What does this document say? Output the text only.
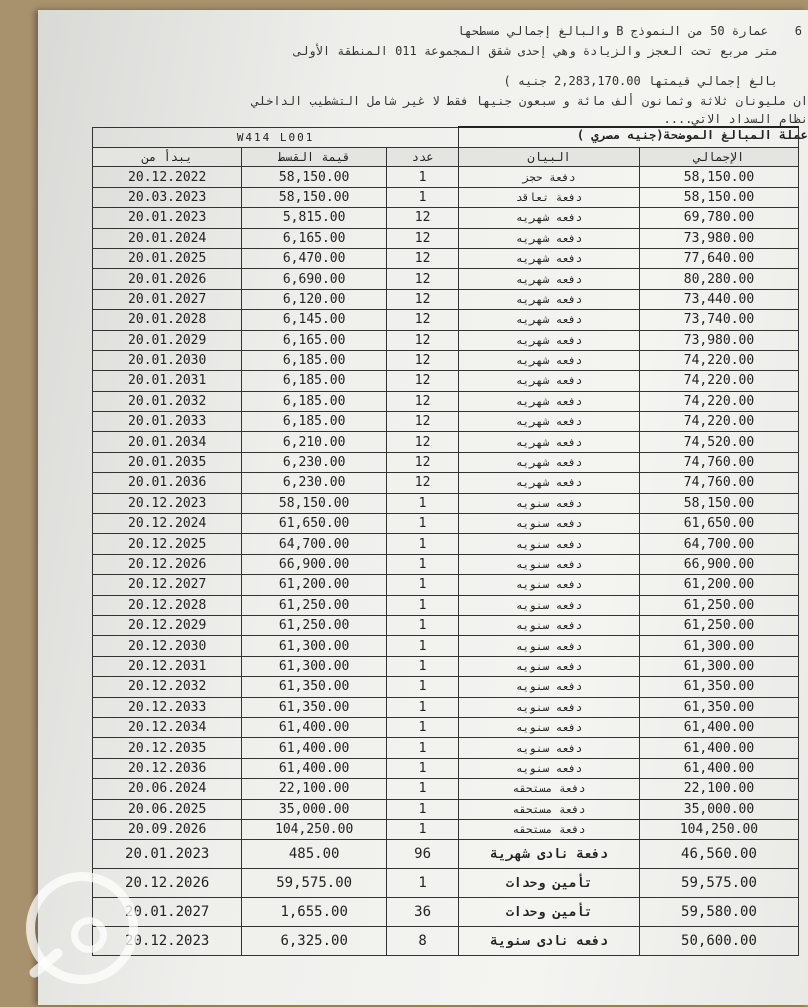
عمارة 50 من النموذج B والبالغ إجمالي مسطحها 6
متر مربع تحت العجز والزيادة وهي إحدى شقق المجموعة 011 المنطقة الأولى
بالغ إجمالي قيمتها 2,283,170.00 جنيه )
ان مليونان ثلاثة وثمانون ألف مائة و سبعون جنيها فقط لا غير شامل التشطيب الداخلي
نظام السداد الاتي....
عملة المبالغ الموضحة(جنيه مصري )
W414 L001				
يبدأ من	قيمة القسط	عدد	البيان	الإجمالي
20.12.2022	58,150.00	1	دفعة حجز	58,150.00
20.03.2023	58,150.00	1	دفعة تعاقد	58,150.00
20.01.2023	5,815.00	12	دفعه شهريه	69,780.00
20.01.2024	6,165.00	12	دفعه شهريه	73,980.00
20.01.2025	6,470.00	12	دفعه شهريه	77,640.00
20.01.2026	6,690.00	12	دفعه شهريه	80,280.00
20.01.2027	6,120.00	12	دفعه شهريه	73,440.00
20.01.2028	6,145.00	12	دفعه شهريه	73,740.00
20.01.2029	6,165.00	12	دفعه شهريه	73,980.00
20.01.2030	6,185.00	12	دفعه شهريه	74,220.00
20.01.2031	6,185.00	12	دفعه شهريه	74,220.00
20.01.2032	6,185.00	12	دفعه شهريه	74,220.00
20.01.2033	6,185.00	12	دفعه شهريه	74,220.00
20.01.2034	6,210.00	12	دفعه شهريه	74,520.00
20.01.2035	6,230.00	12	دفعه شهريه	74,760.00
20.01.2036	6,230.00	12	دفعه شهريه	74,760.00
20.12.2023	58,150.00	1	دفعه سنويه	58,150.00
20.12.2024	61,650.00	1	دفعه سنويه	61,650.00
20.12.2025	64,700.00	1	دفعه سنويه	64,700.00
20.12.2026	66,900.00	1	دفعه سنويه	66,900.00
20.12.2027	61,200.00	1	دفعه سنويه	61,200.00
20.12.2028	61,250.00	1	دفعه سنويه	61,250.00
20.12.2029	61,250.00	1	دفعه سنويه	61,250.00
20.12.2030	61,300.00	1	دفعه سنويه	61,300.00
20.12.2031	61,300.00	1	دفعه سنويه	61,300.00
20.12.2032	61,350.00	1	دفعه سنويه	61,350.00
20.12.2033	61,350.00	1	دفعه سنويه	61,350.00
20.12.2034	61,400.00	1	دفعه سنويه	61,400.00
20.12.2035	61,400.00	1	دفعه سنويه	61,400.00
20.12.2036	61,400.00	1	دفعه سنويه	61,400.00
20.06.2024	22,100.00	1	دفعة مستحقه	22,100.00
20.06.2025	35,000.00	1	دفعة مستحقه	35,000.00
20.09.2026	104,250.00	1	دفعة مستحقه	104,250.00
20.01.2023	485.00	96	دفعة نادى شهرية	46,560.00
20.12.2026	59,575.00	1	تأمين وحدات	59,575.00
20.01.2027	1,655.00	36	تأمين وحدات	59,580.00
20.12.2023	6,325.00	8	دفعه نادى سنوية	50,600.00
